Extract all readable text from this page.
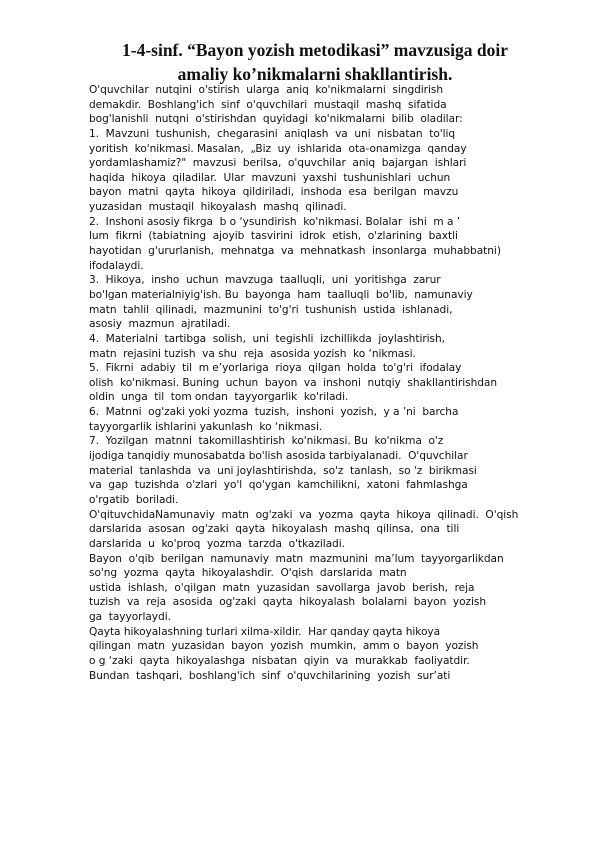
1-4-sinf. “Bayon yozish metodikasi” mavzusiga doir
amaliy ko’nikmalarni shakllantirish.
O'quvchilar  nutqini  o'stirish  ularga  aniq  ko'nikmalarni  singdirish
demakdir.  Boshlang'ich  sinf  o'quvchilari  mustaqil  mashq  sifatida
bog'lanishli  nutqni  o'stirishdan  quyidagi  ko'nikmalarni  bilib  oladilar:
1.  Mavzuni  tushunish,  chegarasini  aniqlash  va  uni  nisbatan  to'liq
yoritish  ko'nikmasi. Masalan,  „Biz  uy  ishlarida  ota-onamizga  qanday
yordamlashamiz?"  mavzusi  berilsa,  o'quvchilar  aniq  bajargan  ishlari
haqida  hikoya  qiladilar.  Ular  mavzuni  yaxshi  tushunishlari  uchun
bayon  matni  qayta  hikoya  qildiriladi,  inshoda  esa  berilgan  mavzu
yuzasidan  mustaqil  hikoyalash  mashq  qilinadi.
2.  Inshoni asosiy fikrga  b o ‘ysundirish  ko'nikmasi. Bolalar  ishi  m a ’
lum  fikrni  (tabiatning  ajoyib  tasvirini  idrok  etish,  o'zlarining  baxtli
hayotidan  g'ururlanish,  mehnatga  va  mehnatkash  insonlarga  muhabbatni)
ifodalaydi.
3.  Hikoya,  insho  uchun  mavzuga  taalluqli,  uni  yoritishga  zarur
bo'lgan materialniyig'ish. Bu  bayonga  ham  taalluqli  bo'lib,  namunaviy
matn  tahlil  qilinadi,  mazmunini  to'g'ri  tushunish  ustida  ishlanadi,
asosiy  mazmun  ajratiladi.
4.  Materialni  tartibga  solish,  uni  tegishli  izchillikda  joylashtirish,
matn  rejasini tuzish  va shu  reja  asosida yozish  ko ‘nikmasi.
5.  Fikrni  adabiy  til  m e’yorlariga  rioya  qilgan  holda  to'g'ri  ifodalay
olish  ko'nikmasi. Buning  uchun  bayon  va  inshoni  nutqiy  shakllantirishdan
oldin  unga  til  tom ondan  tayyorgarlik  ko'riladi.
6.  Matnni  og'zaki yoki yozma  tuzish,  inshoni  yozish,  y a ’ni  barcha
tayyorgarlik ishlarini yakunlash  ko ‘nikmasi.
7.  Yozilgan  matnni  takomillashtirish  ko'nikmasi. Bu  ko'nikma  o'z
ijodiga tanqidiy munosabatda bo'lish asosida tarbiyalanadi.  O'quvchilar
material  tanlashda  va  uni joylashtirishda,  so'z  tanlash,  so 'z  birikmasi
va  gap  tuzishda  o'zlari  yo'l  qo'ygan  kamchilikni,  xatoni  fahmlashga
o'rgatib  boriladi.
O'qituvchidaNamunaviy  matn  og'zaki  va  yozma  qayta  hikoya  qilinadi.  O'qish
darslarida  asosan  og'zaki  qayta  hikoyalash  mashq  qilinsa,  ona  tili
darslarida  u  ko'proq  yozma  tarzda  o'tkaziladi.
Bayon  o'qib  berilgan  namunaviy  matn  mazmunini  ma’lum  tayyorgarlikdan
so'ng  yozma  qayta  hikoyalashdir.  O'qish  darslarida  matn
ustida  ishlash,  o'qilgan  matn  yuzasidan  savollarga  javob  berish,  reja
tuzish  va  reja  asosida  og'zaki  qayta  hikoyalash  bolalarni  bayon  yozish
ga  tayyorlaydi.
Qayta hikoyalashning turlari xilma-xildir.  Har qanday qayta hikoya
qilingan  matn  yuzasidan  bayon  yozish  mumkin,  amm o  bayon  yozish
o g ‘zaki  qayta  hikoyalashga  nisbatan  qiyin  va  murakkab  faoliyatdir.
Bundan  tashqari,  boshlang'ich  sinf  o'quvchilarining  yozish  sur’ati
